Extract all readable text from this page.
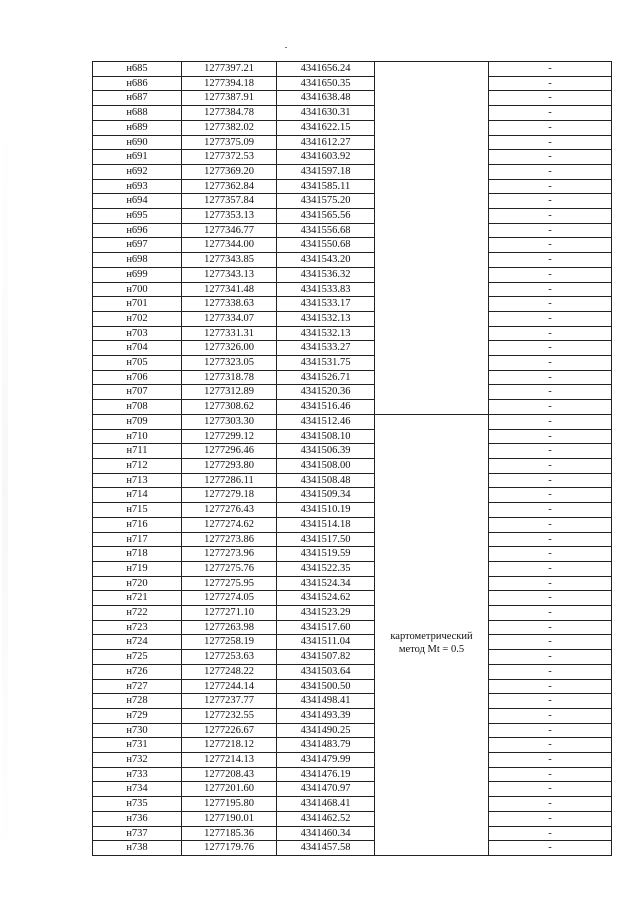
н685	1277397.21	4341656.24		-
н686	1277394.18	4341650.35		-
н687	1277387.91	4341638.48		-
н688	1277384.78	4341630.31		-
н689	1277382.02	4341622.15		-
н690	1277375.09	4341612.27		-
н691	1277372.53	4341603.92		-
н692	1277369.20	4341597.18		-
н693	1277362.84	4341585.11		-
н694	1277357.84	4341575.20		-
н695	1277353.13	4341565.56		-
н696	1277346.77	4341556.68		-
н697	1277344.00	4341550.68		-
н698	1277343.85	4341543.20		-
н699	1277343.13	4341536.32		-
н700	1277341.48	4341533.83		-
н701	1277338.63	4341533.17		-
н702	1277334.07	4341532.13		-
н703	1277331.31	4341532.13		-
н704	1277326.00	4341533.27		-
н705	1277323.05	4341531.75		-
н706	1277318.78	4341526.71		-
н707	1277312.89	4341520.36		-
н708	1277308.62	4341516.46		-
н709	1277303.30	4341512.46	картометрический
метод Mt = 0.5	-
н710	1277299.12	4341508.10		-
н711	1277296.46	4341506.39		-
н712	1277293.80	4341508.00		-
н713	1277286.11	4341508.48		-
н714	1277279.18	4341509.34		-
н715	1277276.43	4341510.19		-
н716	1277274.62	4341514.18		-
н717	1277273.86	4341517.50		-
н718	1277273.96	4341519.59		-
н719	1277275.76	4341522.35		-
н720	1277275.95	4341524.34		-
н721	1277274.05	4341524.62		-
н722	1277271.10	4341523.29		-
н723	1277263.98	4341517.60		-
н724	1277258.19	4341511.04		-
н725	1277253.63	4341507.82		-
н726	1277248.22	4341503.64		-
н727	1277244.14	4341500.50		-
н728	1277237.77	4341498.41		-
н729	1277232.55	4341493.39		-
н730	1277226.67	4341490.25		-
н731	1277218.12	4341483.79		-
н732	1277214.13	4341479.99		-
н733	1277208.43	4341476.19		-
н734	1277201.60	4341470.97		-
н735	1277195.80	4341468.41		-
н736	1277190.01	4341462.52		-
н737	1277185.36	4341460.34		-
н738	1277179.76	4341457.58		-
